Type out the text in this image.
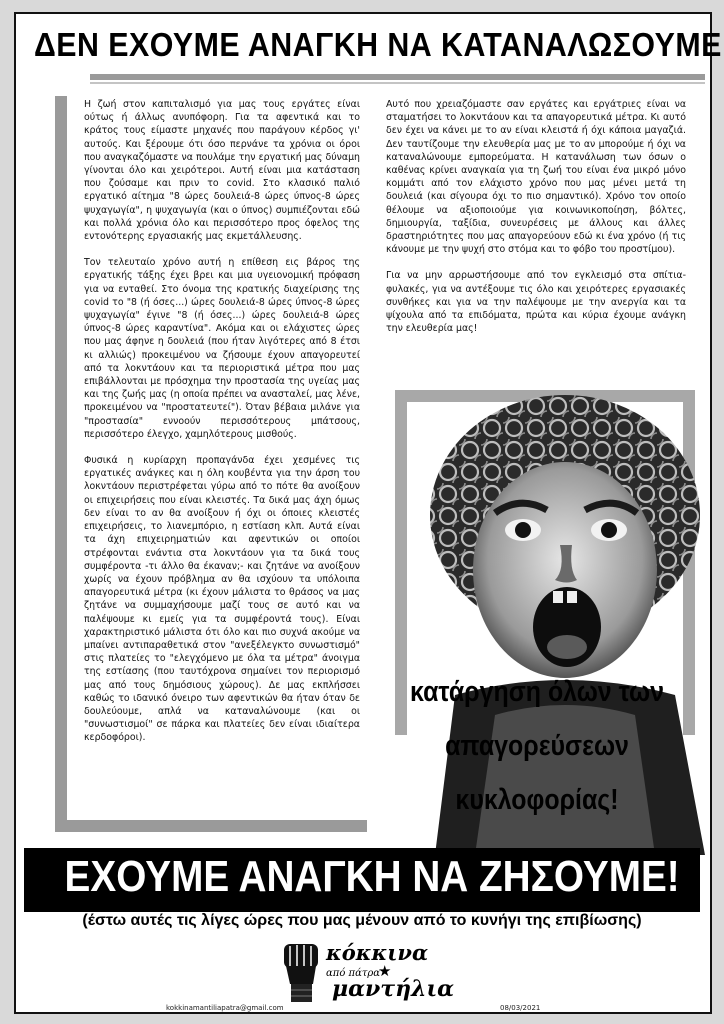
ΔΕΝ ΕΧΟΥΜΕ ΑΝΑΓΚΗ ΝΑ ΚΑΤΑΝΑΛΩΣΟΥΜΕ

Η ζωή στον καπιταλισμό για μας τους εργάτες είναι ούτως ή άλλως ανυπόφορη. Για τα αφεντικά και το κράτος τους είμαστε μηχανές που παράγουν κέρδος γι' αυτούς. Και ξέρουμε ότι όσο περνάνε τα χρόνια οι όροι που αναγκαζόμαστε να πουλάμε την εργατική μας δύναμη γίνονται όλο και χειρότεροι. Αυτή είναι μια κατάσταση που ζούσαμε και πριν το covid. Στο κλασικό παλιό εργατικό αίτημα "8 ώρες δουλειά-8 ώρες ύπνος-8 ώρες ψυχαγωγία", η ψυχαγωγία (και ο ύπνος) συμπιέζονται εδώ και πολλά χρόνια όλο και περισσότερο προς όφελος της εντονότερης εργασιακής μας εκμετάλλευσης.

Τον τελευταίο χρόνο αυτή η επίθεση εις βάρος της εργατικής τάξης έχει βρει και μια υγειονομική πρόφαση για να ενταθεί. Στο όνομα της κρατικής διαχείρισης της covid το "8 (ή όσες...) ώρες δουλειά-8 ώρες ύπνος-8 ώρες ψυχαγωγία" έγινε "8 (ή όσες...) ώρες δουλειά-8 ώρες ύπνος-8 ώρες καραντίνα". Ακόμα και οι ελάχιστες ώρες που μας άφηνε η δουλειά (που ήταν λιγότερες από 8 έτσι κι αλλιώς) προκειμένου να ζήσουμε έχουν απαγορευτεί από τα λοκντάουν και τα περιοριστικά μέτρα που μας επιβάλλονται με πρόσχημα την προστασία της υγείας μας και της ζωής μας (η οποία πρέπει να ανασταλεί, μας λένε, προκειμένου να "προστατευτεί"). Όταν βέβαια μιλάνε για "προστασία" εννοούν περισσότερους μπάτσους, περισσότερο έλεγχο, χαμηλότερους μισθούς.

Φυσικά η κυρίαρχη προπαγάνδα έχει χεσμένες τις εργατικές ανάγκες και η όλη κουβέντα για την άρση του λοκντάουν περιστρέφεται γύρω από το πότε θα ανοίξουν οι επιχειρήσεις που είναι κλειστές. Τα δικά μας άχη όμως δεν είναι το αν θα ανοίξουν ή όχι οι όποιες κλειστές επιχειρήσεις, το λιανεμπόριο, η εστίαση κλπ. Αυτά είναι τα άχη επιχειρηματιών και αφεντικών οι οποίοι στρέφονται ενάντια στα λοκντάουν για τα δικά τους συμφέροντα -τι άλλο θα έκαναν;- και ζητάνε να ανοίξουν χωρίς να έχουν πρόβλημα αν θα ισχύουν τα υπόλοιπα απαγορευτικά μέτρα (κι έχουν μάλιστα το θράσος να μας ζητάνε να συμμαχήσουμε μαζί τους σε αυτό και να παλέψουμε κι εμείς για τα συμφέροντά τους). Είναι χαρακτηριστικό μάλιστα ότι όλο και πιο συχνά ακούμε να μπαίνει αντιπαραθετικά στον "ανεξέλεγκτο συνωστισμό" στις πλατείες το "ελεγχόμενο με όλα τα μέτρα" άνοιγμα της εστίασης (που ταυτόχρονα σημαίνει τον περιορισμό μας από τους δημόσιους χώρους). Δε μας εκπλήσσει καθώς το ιδανικό όνειρο των αφεντικών θα ήταν όταν δε δουλεύουμε, απλά να καταναλώνουμε (και οι "συνωστισμοί" σε πάρκα και πλατείες δεν είναι ιδιαίτερα κερδοφόροι).

Αυτό που χρειαζόμαστε σαν εργάτες και εργάτριες είναι να σταματήσει το λοκντάουν και τα απαγορευτικά μέτρα. Κι αυτό δεν έχει να κάνει με το αν είναι κλειστά ή όχι κάποια μαγαζιά. Δεν ταυτίζουμε την ελευθερία μας με το αν μπορούμε ή όχι να καταναλώνουμε εμπορεύματα. Η κατανάλωση των όσων ο καθένας κρίνει αναγκαία για τη ζωή του είναι ένα μικρό μόνο κομμάτι από τον ελάχιστο χρόνο που μας μένει μετά τη δουλειά (και σίγουρα όχι το πιο σημαντικό). Χρόνο τον οποίο θέλουμε να αξιοποιούμε για κοινωνικοποίηση, βόλτες, δημιουργία, ταξίδια, συνευρέσεις με άλλους και άλλες δραστηριότητες που μας απαγορεύουν εδώ κι ένα χρόνο (ή τις κάνουμε με την ψυχή στο στόμα και το φόβο του προστίμου).

Για να μην αρρωστήσουμε από τον εγκλεισμό στα σπίτια-φυλακές, για να αντέξουμε τις όλο και χειρότερες εργασιακές συνθήκες και για να την παλέψουμε με την ανεργία και τα ψίχουλα από τα επιδόματα, πρώτα και κύρια έχουμε ανάγκη την ελευθερία μας!

κατάργηση όλων των
απαγορεύσεων
κυκλοφορίας!
ΕΧΟΥΜΕ ΑΝΑΓΚΗ ΝΑ ΖΗΣΟΥΜΕ!
(έστω αυτές τις λίγες ώρες που μας μένουν από το κυνήγι της επιβίωσης)
κόκκινα
από πάτρα
★
μαντήλια
kokkinamantiliapatra@gmail.com	08/03/2021
